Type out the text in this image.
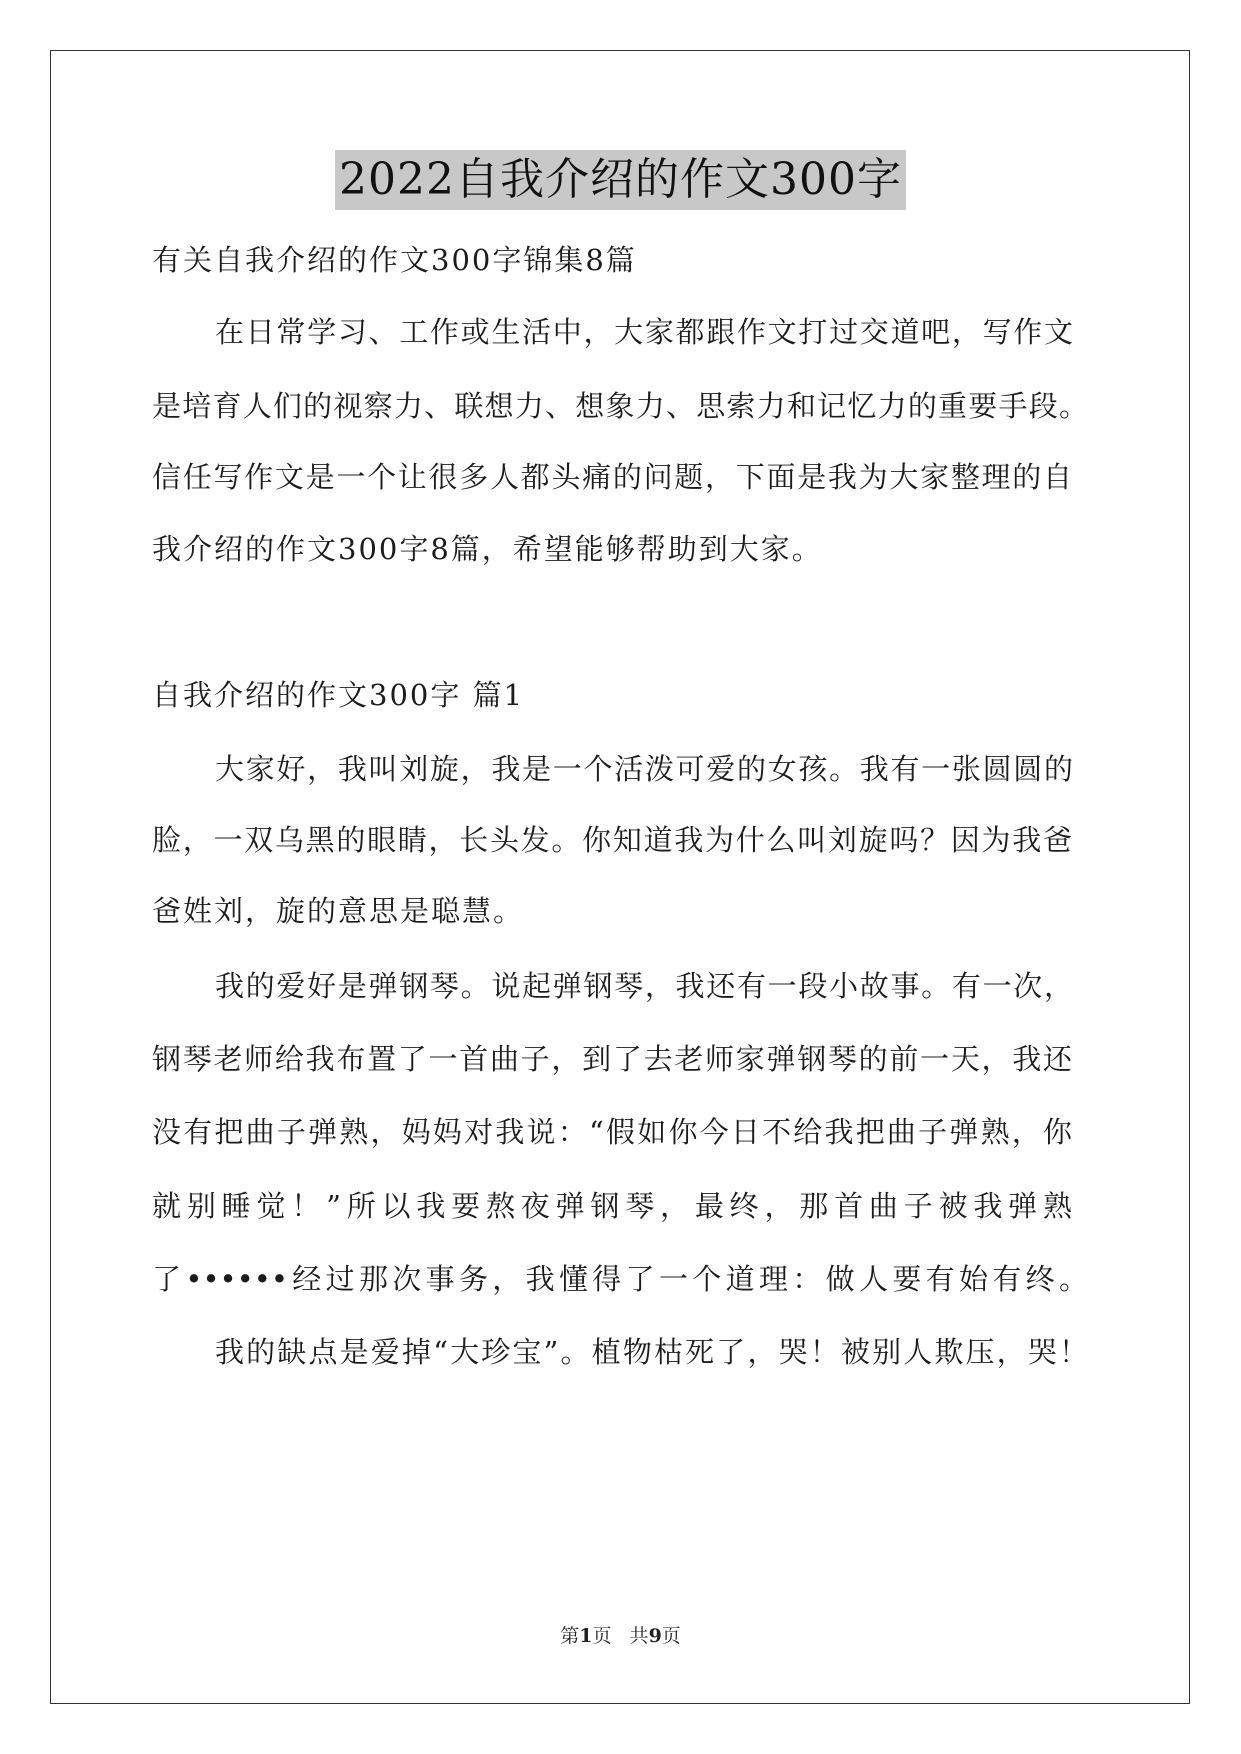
2022自我介绍的作文300字
有关自我介绍的作文300字锦集8篇
在日常学习、工作或生活中，大家都跟作文打过交道吧，写作文
是培育人们的视察力、联想力、想象力、思索力和记忆力的重要手段。
信任写作文是一个让很多人都头痛的问题，下面是我为大家整理的自
我介绍的作文300字8篇，希望能够帮助到大家。
自我介绍的作文300字 篇1
大家好，我叫刘旋，我是一个活泼可爱的女孩。我有一张圆圆的
脸，一双乌黑的眼睛，长头发。你知道我为什么叫刘旋吗？因为我爸
爸姓刘，旋的意思是聪慧。
我的爱好是弹钢琴。说起弹钢琴，我还有一段小故事。有一次，
钢琴老师给我布置了一首曲子，到了去老师家弹钢琴的前一天，我还
没有把曲子弹熟，妈妈对我说：“假如你今日不给我把曲子弹熟，你
就别睡觉！”所以我要熬夜弹钢琴，最终，那首曲子被我弹熟
了••••••经过那次事务，我懂得了一个道理：做人要有始有终。
我的缺点是爱掉“大珍宝”。植物枯死了，哭！被别人欺压，哭！
第1页   共9页
